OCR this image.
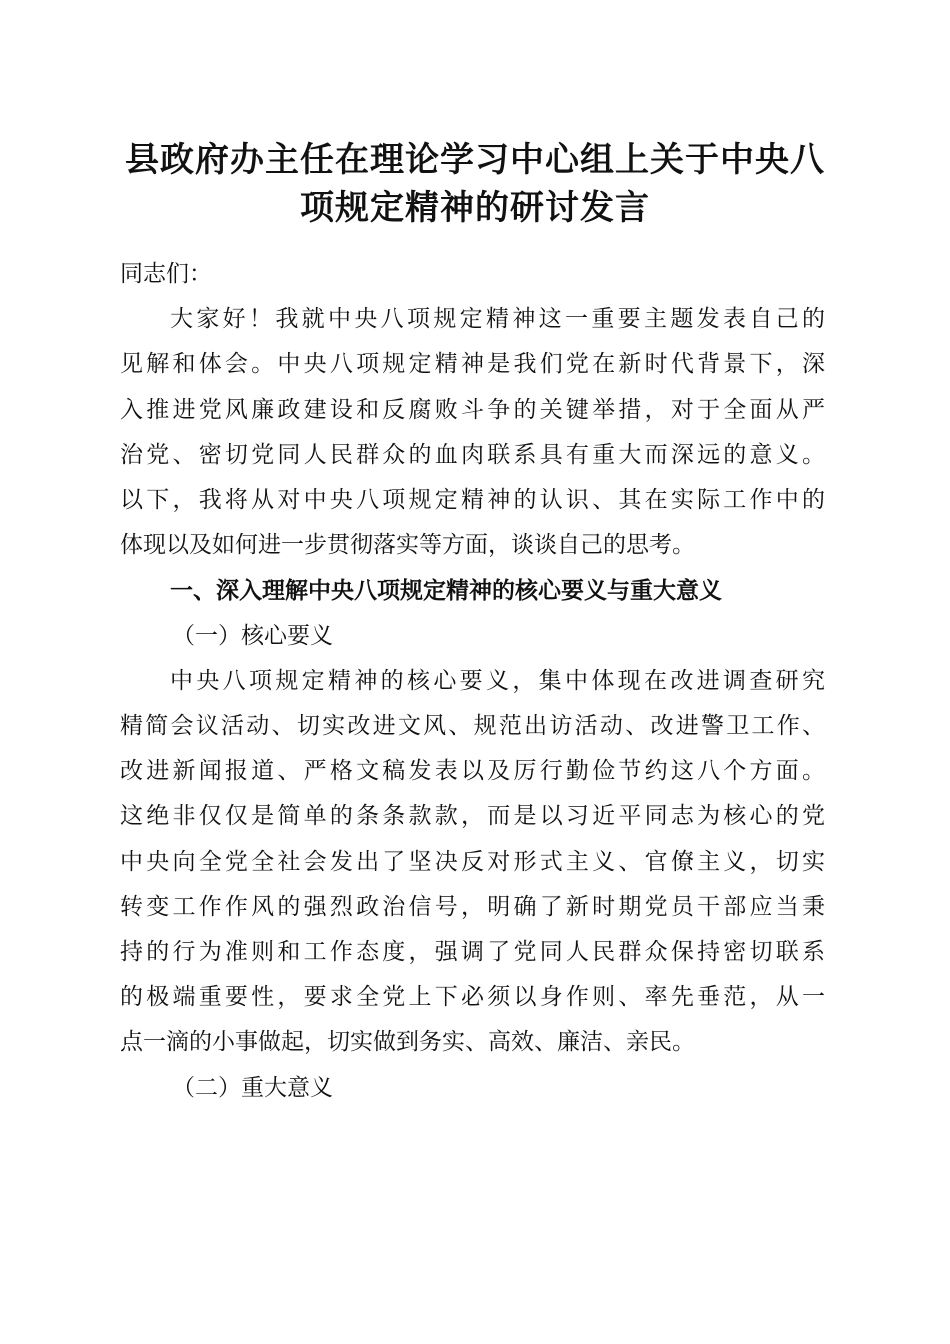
县政府办主任在理论学习中心组上关于中央八
项规定精神的研讨发言
同志们：
大家好！我就中央八项规定精神这一重要主题发表自己的
见解和体会。中央八项规定精神是我们党在新时代背景下，深
入推进党风廉政建设和反腐败斗争的关键举措，对于全面从严
治党、密切党同人民群众的血肉联系具有重大而深远的意义。
以下，我将从对中央八项规定精神的认识、其在实际工作中的
体现以及如何进一步贯彻落实等方面，谈谈自己的思考。
一、深入理解中央八项规定精神的核心要义与重大意义
（一）核心要义
中央八项规定精神的核心要义，集中体现在改进调查研究
精简会议活动、切实改进文风、规范出访活动、改进警卫工作、
改进新闻报道、严格文稿发表以及厉行勤俭节约这八个方面。
这绝非仅仅是简单的条条款款，而是以习近平同志为核心的党
中央向全党全社会发出了坚决反对形式主义、官僚主义，切实
转变工作作风的强烈政治信号，明确了新时期党员干部应当秉
持的行为准则和工作态度，强调了党同人民群众保持密切联系
的极端重要性，要求全党上下必须以身作则、率先垂范，从一
点一滴的小事做起，切实做到务实、高效、廉洁、亲民。
（二）重大意义
